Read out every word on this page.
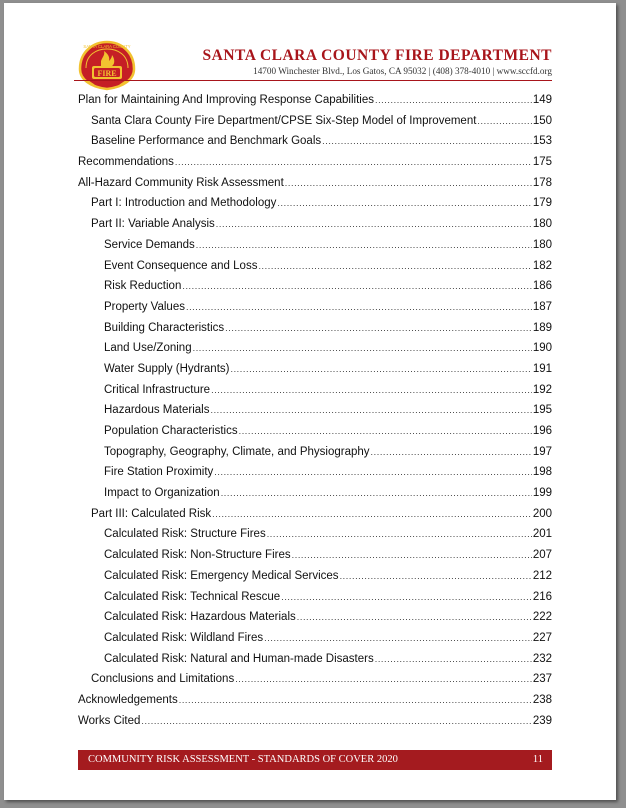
FIRE
SANTA CLARA COUNTY
SANTA CLARA COUNTY FIRE DEPARTMENT
14700 Winchester Blvd., Los Gatos, CA 95032 | (408) 378-4010 | www.sccfd.org
Plan for Maintaining And Improving Response Capabilities .....	149
Santa Clara County Fire Department/CPSE Six-Step Model of Improvement .....	150
Baseline Performance and Benchmark Goals .....	153
Recommendations .....	175
All-Hazard Community Risk Assessment .....	178
Part I: Introduction and Methodology .....	179
Part II: Variable Analysis .....	180
Service Demands .....	180
Event Consequence and Loss .....	182
Risk Reduction .....	186
Property Values .....	187
Building Characteristics .....	189
Land Use/Zoning .....	190
Water Supply (Hydrants) .....	191
Critical Infrastructure .....	192
Hazardous Materials .....	195
Population Characteristics .....	196
Topography, Geography, Climate, and Physiography .....	197
Fire Station Proximity .....	198
Impact to Organization .....	199
Part III: Calculated Risk .....	200
Calculated Risk: Structure Fires .....	201
Calculated Risk: Non-Structure Fires .....	207
Calculated Risk: Emergency Medical Services .....	212
Calculated Risk: Technical Rescue .....	216
Calculated Risk: Hazardous Materials .....	222
Calculated Risk: Wildland Fires .....	227
Calculated Risk: Natural and Human-made Disasters .....	232
Conclusions and Limitations .....	237
Acknowledgements .....	238
Works Cited .....	239
COMMUNITY RISK ASSESSMENT - STANDARDS OF COVER 2020	11
